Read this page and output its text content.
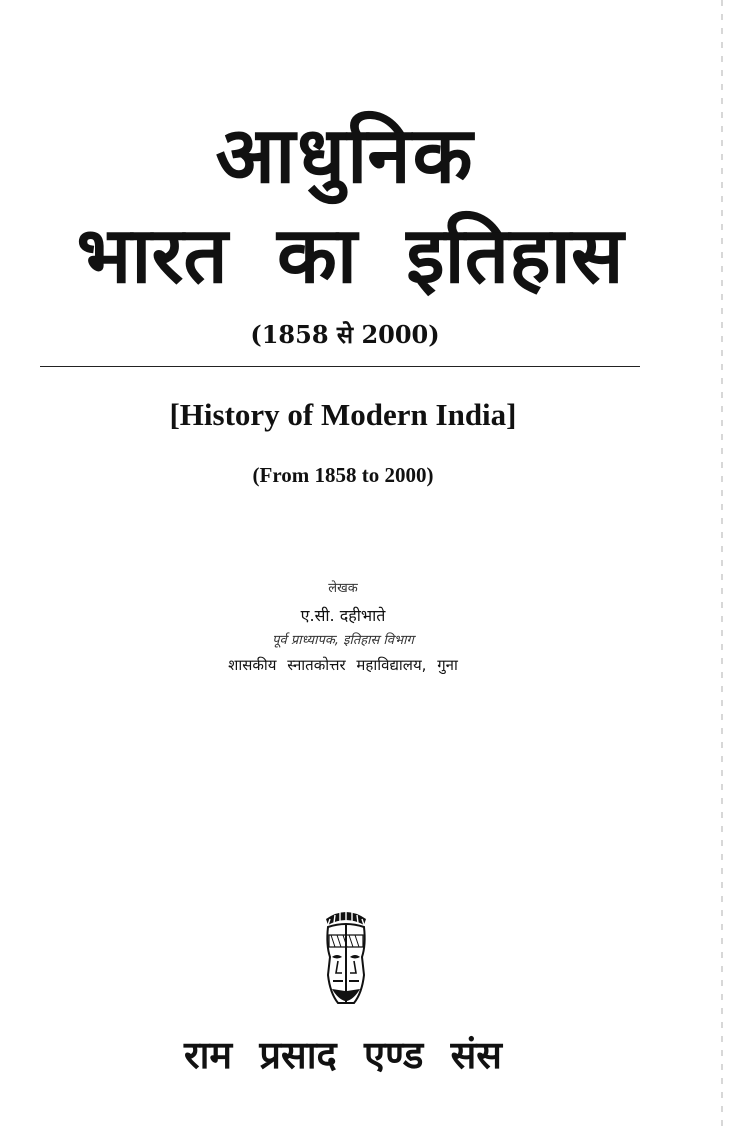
आधुनिक
भारत का इतिहास
(1858 से 2000)
[History of Modern India]
(From 1858 to 2000)
लेखक
ए.सी. दहीभाते
पूर्व प्राध्यापक, इतिहास विभाग
शासकीय स्नातकोत्तर महाविद्यालय, गुना
राम प्रसाद एण्ड संस
